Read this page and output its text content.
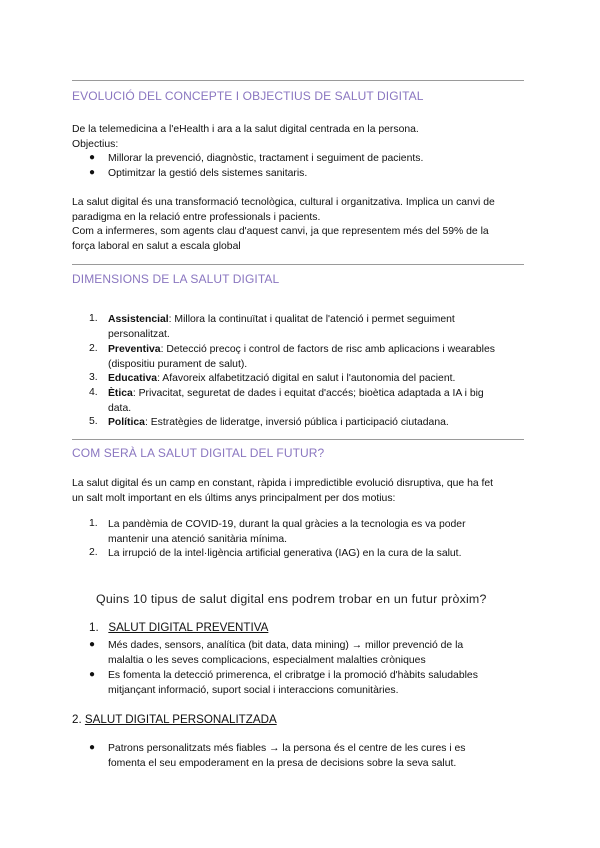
EVOLUCIÓ DEL CONCEPTE I OBJECTIUS DE SALUT DIGITAL
De la telemedicina a l'eHealth i ara a la salut digital centrada en la persona.
Objectius:
●	Millorar la prevenció, diagnòstic, tractament i seguiment de pacients.
●	Optimitzar la gestió dels sistemes sanitaris.
La salut digital és una transformació tecnològica, cultural i organitzativa. Implica un canvi de
paradigma en la relació entre professionals i pacients.
Com a infermeres, som agents clau d'aquest canvi, ja que representem més del 59% de la
força laboral en salut a escala global
DIMENSIONS DE LA SALUT DIGITAL
1. Assistencial: Millora la continuïtat i qualitat de l'atenció i permet seguiment
personalitzat.
2. Preventiva: Detecció precoç i control de factors de risc amb aplicacions i wearables
(dispositiu purament de salut).
3. Educativa: Afavoreix alfabetització digital en salut i l'autonomia del pacient.
4. Ètica: Privacitat, seguretat de dades i equitat d'accés; bioètica adaptada a IA i big
data.
5. Política: Estratègies de lideratge, inversió pública i participació ciutadana.
COM SERÀ LA SALUT DIGITAL DEL FUTUR?
La salut digital és un camp en constant, ràpida i impredictible evolució disruptiva, que ha fet
un salt molt important en els últims anys principalment per dos motius:
1. La pandèmia de COVID-19, durant la qual gràcies a la tecnologia es va poder
mantenir una atenció sanitària mínima.
2. La irrupció de la intel·ligència artificial generativa (IAG) en la cura de la salut.
Quins 10 tipus de salut digital ens podrem trobar en un futur pròxim?
1. SALUT DIGITAL PREVENTIVA
●	Més dades, sensors, analítica (bit data, data mining) → millor prevenció de la
malaltia o les seves complicacions, especialment malalties cròniques
●	Es fomenta la detecció primerenca, el cribratge i la promoció d'hàbits saludables
mitjançant informació, suport social i interaccions comunitàries.
2. SALUT DIGITAL PERSONALITZADA
●	Patrons personalitzats més fiables → la persona és el centre de les cures i es
fomenta el seu empoderament en la presa de decisions sobre la seva salut.
